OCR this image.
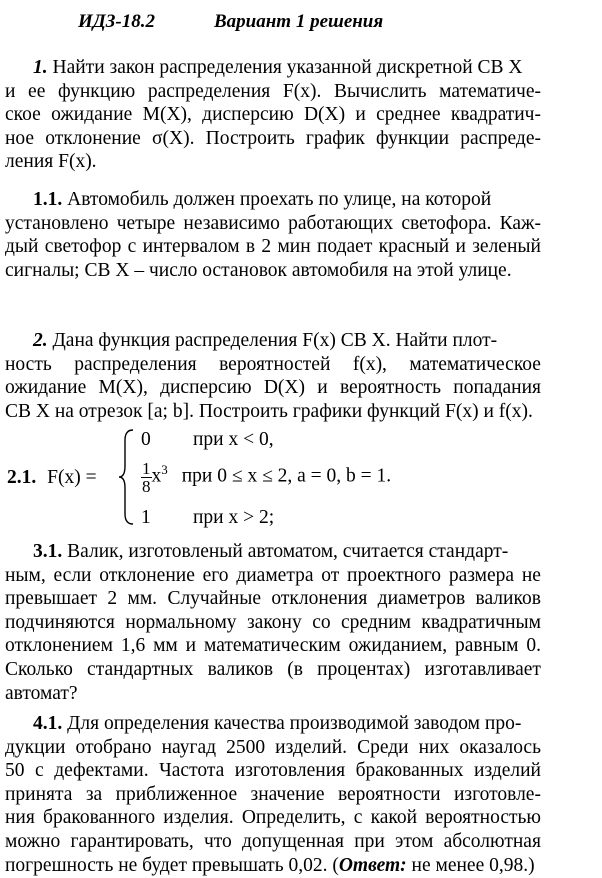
ИДЗ-18.2	Вариант 1 решения
1. Найти закон распределения указанной дискретной СВ X
и ее функцию распределения F(x). Вычислить математиче-
ское ожидание M(X), дисперсию D(X) и среднее квадратич-
ное отклонение σ(X). Построить график функции распреде-
ления F(x).
1.1. Автомобиль должен проехать по улице, на которой
установлено четыре независимо работающих светофора. Каж-
дый светофор с интервалом в 2 мин подает красный и зеленый
сигналы; СВ X – число остановок автомобиля на этой улице.
2. Дана функция распределения F(x) СВ X. Найти плот-
ность распределения вероятностей f(x), математическое
ожидание M(X), дисперсию D(X) и вероятность попадания
СВ X на отрезок [a; b]. Построить графики функций F(x) и f(x).
2.1. F(x) =
0 при x < 0,
$\frac{1}{8} x^3$ при 0 ≤ x ≤ 2, a = 0, b = 1.
1 при x > 2;
3.1. Валик, изготовленый автоматом, считается стандарт-
ным, если отклонение его диаметра от проектного размера не
превышает 2 мм. Случайные отклонения диаметров валиков
подчиняются нормальному закону со средним квадратичным
отклонением 1,6 мм и математическим ожиданием, равным 0.
Сколько стандартных валиков (в процентах) изготавливает
автомат?
4.1. Для определения качества производимой заводом про-
дукции отобрано наугад 2500 изделий. Среди них оказалось
50 с дефектами. Частота изготовления бракованных изделий
принята за приближенное значение вероятности изготовле-
ния бракованного изделия. Определить, с какой вероятностью
можно гарантировать, что допущенная при этом абсолютная
погрешность не будет превышать 0,02. ( Ответ: не менее 0,98.)
